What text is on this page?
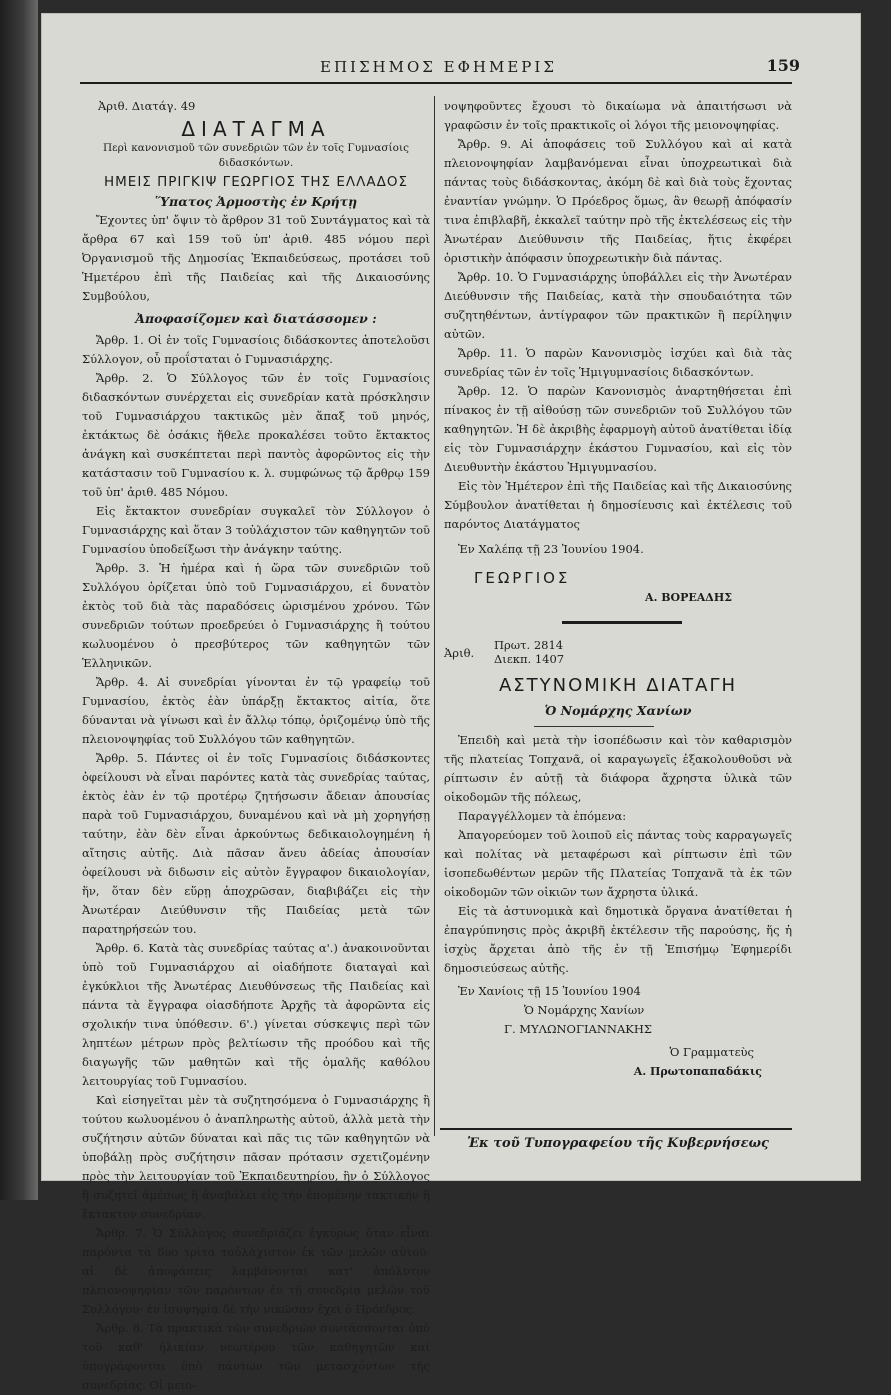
ΕΠΙΣΗΜΟΣ ΕΦΗΜΕΡΙΣ	159
Ἀριθ. Διατάγ. 49
ΔΙΑΤΑΓΜΑ
Περὶ κανονισμοῦ τῶν συνεδριῶν τῶν ἐν τοῖς Γυμνασίοις διδασκόντων.
ΗΜΕΙΣ ΠΡΙΓΚΙΨ ΓΕΩΡΓΙΟΣ ΤΗΣ ΕΛΛΑΔΟΣ
Ὕπατος Ἁρμοστὴς ἐν Κρήτῃ

Ἔχοντες ὑπ' ὄψιν τὸ ἄρθρον 31 τοῦ Συντάγματος καὶ τὰ ἄρθρα 67 καὶ 159 τοῦ ὑπ' ἀριθ. 485 νόμου περὶ Ὀργανισμοῦ τῆς Δημοσίας Ἐκπαιδεύσεως, προτάσει τοῦ Ἡμετέρου ἐπὶ τῆς Παιδείας καὶ τῆς Δικαιοσύνης Συμβούλου,

Ἀποφασίζομεν καὶ διατάσσομεν :

Ἄρθρ. 1. Οἱ ἐν τοῖς Γυμνασίοις διδάσκοντες ἀποτελοῦσι Σύλλογον, οὗ προΐσταται ὁ Γυμνασιάρχης.

Ἄρθρ. 2. Ὁ Σύλλογος τῶν ἐν τοῖς Γυμνασίοις διδασκόντων συνέρχεται εἰς συνεδρίαν κατὰ πρόσκλησιν τοῦ Γυμνασιάρχου τακτικῶς μὲν ἅπαξ τοῦ μηνός, ἐκτάκτως δὲ ὁσάκις ἤθελε προκαλέσει τοῦτο ἔκτακτος ἀνάγκη καὶ συσκέπτεται περὶ παντὸς ἀφορῶντος εἰς τὴν κατάστασιν τοῦ Γυμνασίου κ. λ. συμφώνως τῷ ἄρθρῳ 159 τοῦ ὑπ' ἀριθ. 485 Νόμου.

Εἰς ἔκτακτον συνεδρίαν συγκαλεῖ τὸν Σύλλογον ὁ Γυμνασιάρχης καὶ ὅταν 3 τοὐλάχιστον τῶν καθηγητῶν τοῦ Γυμνασίου ὑποδείξωσι τὴν ἀνάγκην ταύτης.

Ἄρθρ. 3. Ἡ ἡμέρα καὶ ἡ ὥρα τῶν συνεδριῶν τοῦ Συλλόγου ὁρίζεται ὑπὸ τοῦ Γυμνασιάρχου, εἰ δυνατὸν ἐκτὸς τοῦ διὰ τὰς παραδόσεις ὡρισμένου χρόνου. Τῶν συνεδριῶν τούτων προεδρεύει ὁ Γυμνασιάρχης ἢ τούτου κωλυομένου ὁ πρεσβύτερος τῶν καθηγητῶν τῶν Ἑλληνικῶν.

Ἄρθρ. 4. Αἱ συνεδρίαι γίνονται ἐν τῷ γραφείῳ τοῦ Γυμνασίου, ἐκτὸς ἐὰν ὑπάρξῃ ἔκτακτος αἰτία, ὅτε δύνανται νὰ γίνωσι καὶ ἐν ἄλλῳ τόπῳ, ὁριζομένῳ ὑπὸ τῆς πλειονοψηφίας τοῦ Συλλόγου τῶν καθηγητῶν.

Ἄρθρ. 5. Πάντες οἱ ἐν τοῖς Γυμνασίοις διδάσκοντες ὀφείλουσι νὰ εἶναι παρόντες κατὰ τὰς συνεδρίας ταύτας, ἐκτὸς ἐὰν ἐν τῷ προτέρῳ ζητήσωσιν ἄδειαν ἀπουσίας παρὰ τοῦ Γυμνασιάρχου, δυναμένου καὶ νὰ μὴ χορηγήσῃ ταύτην, ἐὰν δὲν εἶναι ἀρκούντως δεδικαιολογημένη ἡ αἴτησις αὐτῆς. Διὰ πᾶσαν ἄνευ ἀδείας ἀπουσίαν ὀφείλουσι νὰ διδωσιν εἰς αὐτὸν ἔγγραφον δικαιολογίαν, ἥν, ὅταν δὲν εὕρῃ ἀποχρῶσαν, διαβιβάζει εἰς τὴν Ἀνωτέραν Διεύθυνσιν τῆς Παιδείας μετὰ τῶν παρατηρήσεών του.

Ἄρθρ. 6. Κατὰ τὰς συνεδρίας ταύτας α'.) ἀνακοινοῦνται ὑπὸ τοῦ Γυμνασιάρχου αἱ οἱαδήποτε διαταγαὶ καὶ ἐγκύκλιοι τῆς Ἀνωτέρας Διευθύνσεως τῆς Παιδείας καὶ πάντα τὰ ἔγγραφα οἱασδήποτε Ἀρχῆς τὰ ἀφορῶντα εἰς σχολικήν τινα ὑπόθεσιν. 6'.) γίνεται σύσκεψις περὶ τῶν ληπτέων μέτρων πρὸς βελτίωσιν τῆς προόδου καὶ τῆς διαγωγῆς τῶν μαθητῶν καὶ τῆς ὁμαλῆς καθόλου λειτουργίας τοῦ Γυμνασίου.

Καὶ εἰσηγεῖται μὲν τὰ συζητησόμενα ὁ Γυμνασιάρχης ἢ τούτου κωλυομένου ὁ ἀναπληρωτὴς αὐτοῦ, ἀλλὰ μετὰ τὴν συζήτησιν αὐτῶν δύναται καὶ πᾶς τις τῶν καθηγητῶν νὰ ὑποβάλῃ πρὸς συζήτησιν πᾶσαν πρότασιν σχετιζομένην πρὸς τὴν λειτουργίαν τοῦ Ἐκπαιδευτηρίου, ἣν ὁ Σύλλογος ἢ συζητεῖ ἀμέσως ἢ ἀναβάλει εἰς τὴν ἐπομένην τακτικὴν ἢ ἔκτακτον συνεδρίαν.

Ἄρθρ. 7. Ὁ Σύλλογος συνεδριάζει ἐγκύρως ὅταν εἶναι παρόντα τὰ δύο τρίτα τοὐλάχιστον ἐκ τῶν μελῶν αὐτοῦ· αἱ δὲ ἀποφάσεις λαμβάνονται κατ' ἀπόλυτον πλειονοψηφίαν τῶν παρόντων ἐν τῇ συνεδρίᾳ μελῶν τοῦ Συλλόγου· ἐν ἰσοψηφίᾳ δὲ τὴν νικῶσαν ἔχει ὁ Πρόεδρος.

Ἄρθρ. 8. Τὰ πρακτικὰ τῶν συνεδριῶν συντάσσονται ὑπὸ τοῦ καθ' ἡλικίαν νεωτέρου τῶν καθηγητῶν καὶ ὑπογράφονται ὑπὸ πάντων τῶν μετασχόντων τῆς συνεδρίας. Οἱ μειο-

νοψηφοῦντες ἔχουσι τὸ δικαίωμα νὰ ἀπαιτήσωσι νὰ γραφῶσιν ἐν τοῖς πρακτικοῖς οἱ λόγοι τῆς μειονοψηφίας.

Ἄρθρ. 9. Αἱ ἀποφάσεις τοῦ Συλλόγου καὶ αἱ κατὰ πλειονοψηφίαν λαμβανόμεναι εἶναι ὑποχρεωτικαὶ διὰ πάντας τοὺς διδάσκοντας, ἀκόμη δὲ καὶ διὰ τοὺς ἔχοντας ἐναντίαν γνώμην. Ὁ Πρόεδρος ὅμως, ἂν θεωρῇ ἀπόφασίν τινα ἐπιβλαβῆ, ἐκκαλεῖ ταύτην πρὸ τῆς ἐκτελέσεως εἰς τὴν Ἀνωτέραν Διεύθυνσιν τῆς Παιδείας, ἥτις ἐκφέρει ὁριστικὴν ἀπόφασιν ὑποχρεωτικὴν διὰ πάντας.

Ἄρθρ. 10. Ὁ Γυμνασιάρχης ὑποβάλλει εἰς τὴν Ἀνωτέραν Διεύθυνσιν τῆς Παιδείας, κατὰ τὴν σπουδαιότητα τῶν συζητηθέντων, ἀντίγραφον τῶν πρακτικῶν ἢ περίληψιν αὐτῶν.

Ἄρθρ. 11. Ὁ παρὼν Κανονισμὸς ἰσχύει καὶ διὰ τὰς συνεδρίας τῶν ἐν τοῖς Ἡμιγυμνασίοις διδασκόντων.

Ἄρθρ. 12. Ὁ παρὼν Κανονισμὸς ἀναρτηθήσεται ἐπὶ πίνακος ἐν τῇ αἰθούσῃ τῶν συνεδριῶν τοῦ Συλλόγου τῶν καθηγητῶν. Ἡ δὲ ἀκριβὴς ἐφαρμογὴ αὐτοῦ ἀνατίθεται ἰδίᾳ εἰς τὸν Γυμνασιάρχην ἑκάστου Γυμνασίου, καὶ εἰς τὸν Διευθυντὴν ἑκάστου Ἡμιγυμνασίου.

Εἰς τὸν Ἡμέτερον ἐπὶ τῆς Παιδείας καὶ τῆς Δικαιοσύνης Σύμβουλον ἀνατίθεται ἡ δημοσίευσις καὶ ἐκτέλεσις τοῦ παρόντος Διατάγματος

Ἐν Χαλέπᾳ τῇ 23 Ἰουνίου 1904.

ΓΕΩΡΓΙΟΣ
Α. ΒΟΡΕΑΔΗΣ
Ἀριθ.Πρωτ. 2814
Διεκπ. 1407
ΑΣΤΥΝΟΜΙΚΗ ΔΙΑΤΑΓΗ
Ὁ Νομάρχης Χανίων

Ἐπειδὴ καὶ μετὰ τὴν ἰσοπέδωσιν καὶ τὸν καθαρισμὸν τῆς πλατείας Τοπχανᾶ, οἱ καραγωγεῖς ἐξακολουθοῦσι νὰ ρίπτωσιν ἐν αὐτῇ τὰ διάφορα ἄχρηστα ὑλικὰ τῶν οἰκοδομῶν τῆς πόλεως,

Παραγγέλλομεν τὰ ἑπόμενα:

Ἀπαγορεύομεν τοῦ λοιποῦ εἰς πάντας τοὺς καρραγωγεῖς καὶ πολίτας νὰ μεταφέρωσι καὶ ρίπτωσιν ἐπὶ τῶν ἰσοπεδωθέντων μερῶν τῆς Πλατείας Τοπχανᾶ τὰ ἐκ τῶν οἰκοδομῶν τῶν οἰκιῶν των ἄχρηστα ὑλικά.

Εἰς τὰ ἀστυνομικὰ καὶ δημοτικὰ ὄργανα ἀνατίθεται ἡ ἐπαγρύπνησις πρὸς ἀκριβῆ ἐκτέλεσιν τῆς παρούσης, ἥς ἡ ἰσχὺς ἄρχεται ἀπὸ τῆς ἐν τῇ Ἐπισήμῳ Ἐφημερίδι δημοσιεύσεως αὐτῆς.

Ἐν Χανίοις τῇ 15 Ἰουνίου 1904

Ὁ Νομάρχης Χανίων
Γ. ΜΥΛΩΝΟΓΙΑΝΝΑΚΗΣ
Ὁ Γραμματεὺς
Α. Πρωτοπαπαδάκις
Ἐκ τοῦ Τυπογραφείου τῆς Κυβερνήσεως
